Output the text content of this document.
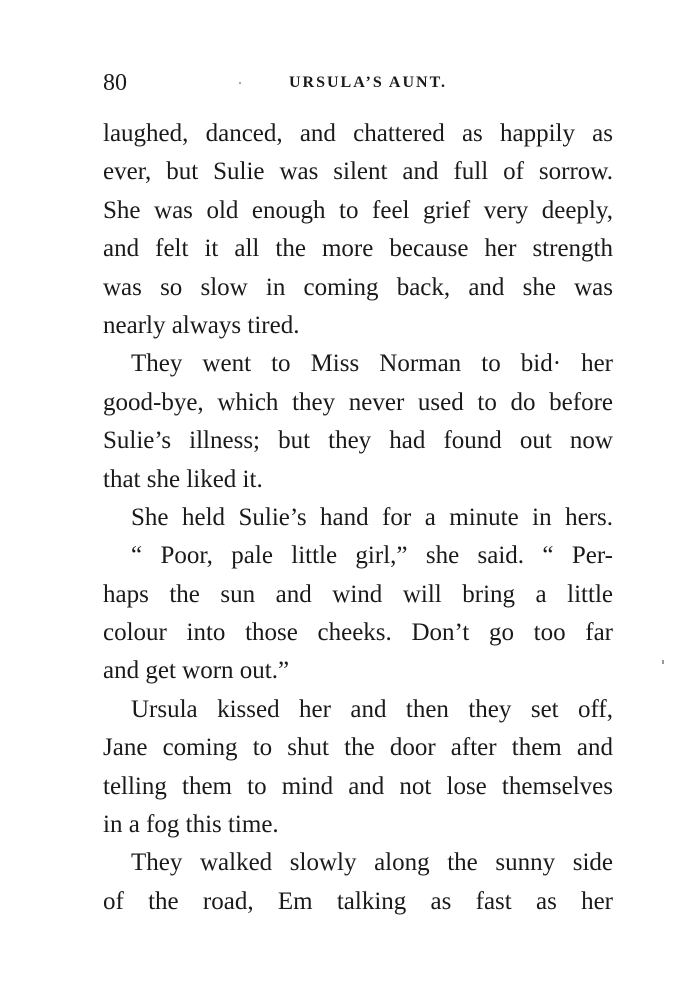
80	URSULA’S AUNT.
laughed, danced, and chattered as happily as
ever, but Sulie was silent and full of sorrow.
She was old enough to feel grief very deeply,
and felt it all the more because her strength
was so slow in coming back, and she was
nearly always tired.
They went to Miss Norman to bid· her
good-bye, which they never used to do before
Sulie’s illness; but they had found out now
that she liked it.
She held Sulie’s hand for a minute in hers.
“ Poor, pale little girl,” she said. “ Per-
haps the sun and wind will bring a little
colour into those cheeks. Don’t go too far
and get worn out.”
Ursula kissed her and then they set off,
Jane coming to shut the door after them and
telling them to mind and not lose themselves
in a fog this time.
They walked slowly along the sunny side
of the road, Em talking as fast as her
